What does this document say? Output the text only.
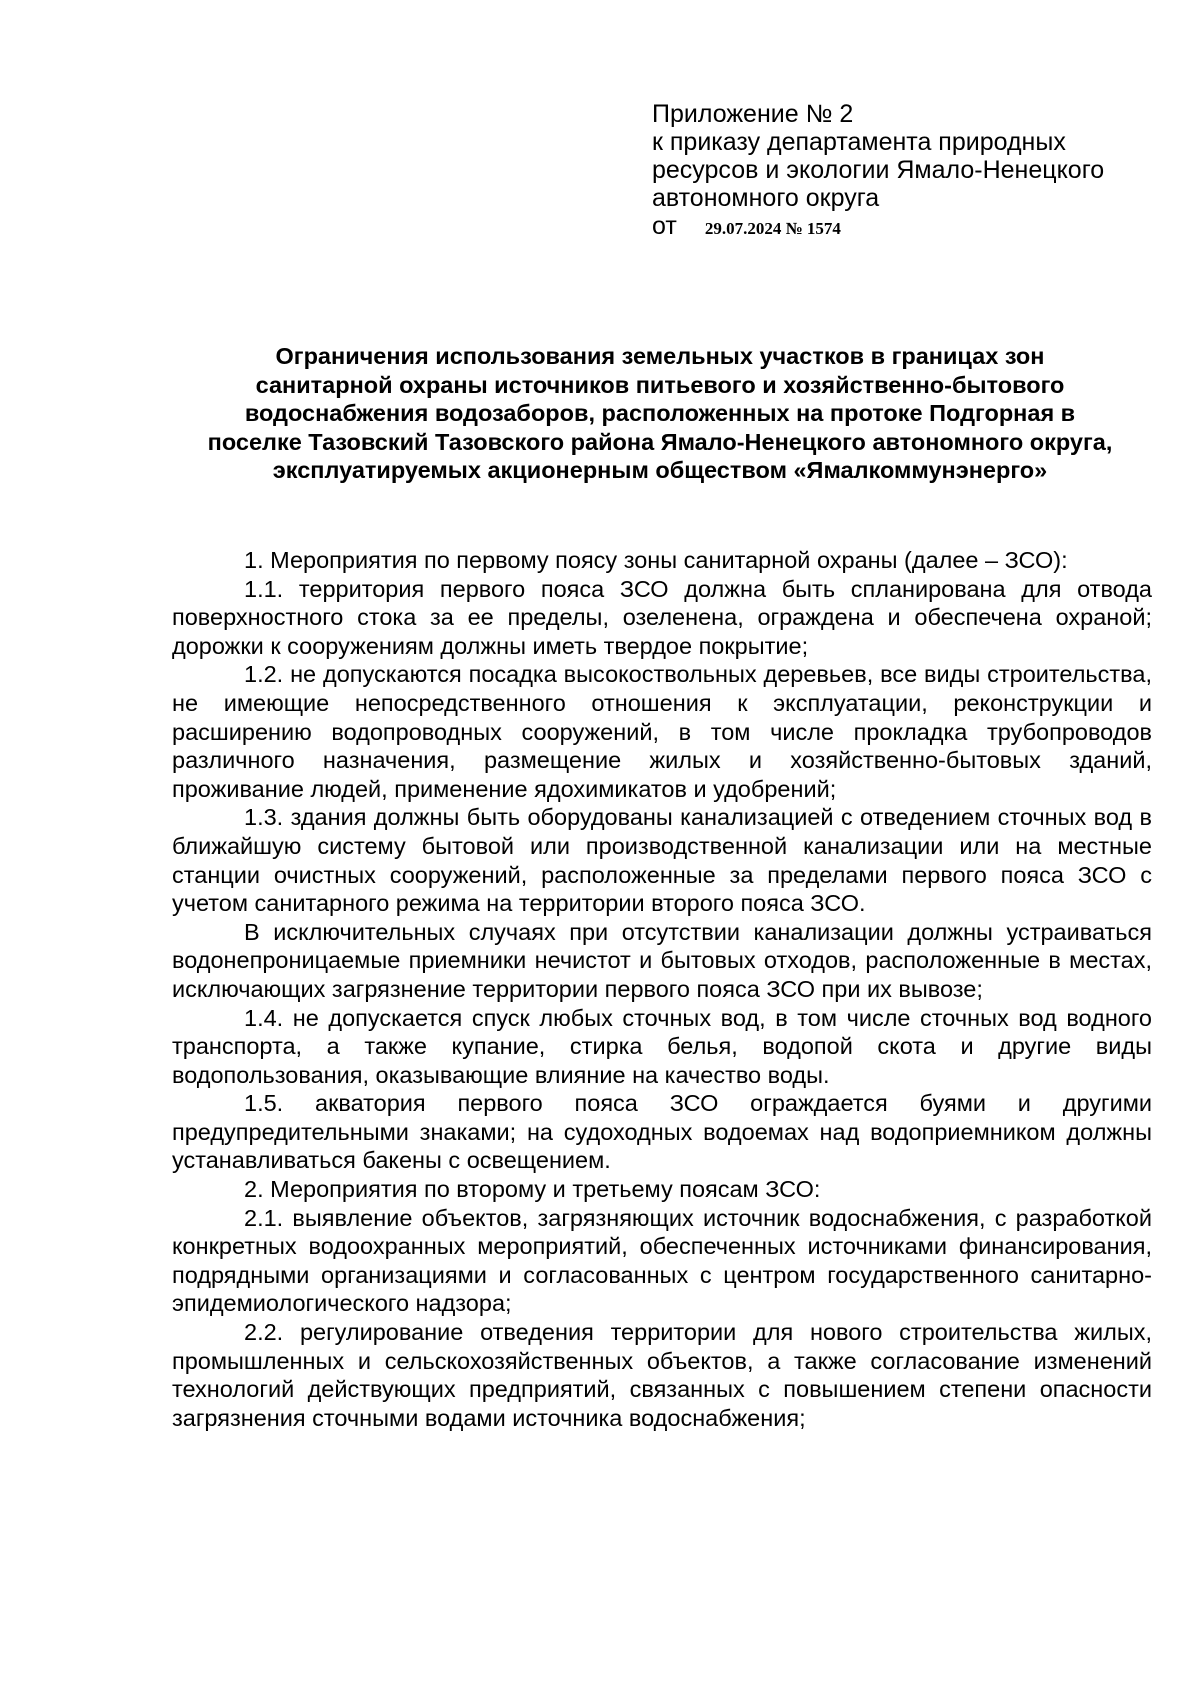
Приложение № 2
к приказу департамента природных
ресурсов и экологии Ямало-Ненецкого
автономного округа
от 29.07.2024 № 1574
Ограничения использования земельных участков в границах зон
санитарной охраны источников питьевого и хозяйственно-бытового
водоснабжения водозаборов, расположенных на протоке Подгорная в
поселке Тазовский Тазовского района Ямало-Ненецкого автономного округа,
эксплуатируемых акционерным обществом «Ямалкоммунэнерго»

1. Мероприятия по первому поясу зоны санитарной охраны (далее – ЗСО):

1.1. территория первого пояса ЗСО должна быть спланирована для отвода поверхностного стока за ее пределы, озеленена, ограждена и обеспечена охраной; дорожки к сооружениям должны иметь твердое покрытие;

1.2. не допускаются посадка высокоствольных деревьев, все виды строительства, не имеющие непосредственного отношения к эксплуатации, реконструкции и расширению водопроводных сооружений, в том числе прокладка трубопроводов различного назначения, размещение жилых и хозяйственно-бытовых зданий, проживание людей, применение ядохимикатов и удобрений;

1.3. здания должны быть оборудованы канализацией с отведением сточных вод в ближайшую систему бытовой или производственной канализации или на местные станции очистных сооружений, расположенные за пределами первого пояса ЗСО с учетом санитарного режима на территории второго пояса ЗСО.

В исключительных случаях при отсутствии канализации должны устраиваться водонепроницаемые приемники нечистот и бытовых отходов, расположенные в местах, исключающих загрязнение территории первого пояса ЗСО при их вывозе;

1.4. не допускается спуск любых сточных вод, в том числе сточных вод водного транспорта, а также купание, стирка белья, водопой скота и другие виды водопользования, оказывающие влияние на качество воды.

1.5. акватория первого пояса ЗСО ограждается буями и другими предупредительными знаками; на судоходных водоемах над водоприемником должны устанавливаться бакены с освещением.

2. Мероприятия по второму и третьему поясам ЗСО:

2.1. выявление объектов, загрязняющих источник водоснабжения, с разработкой конкретных водоохранных мероприятий, обеспеченных источниками финансирования, подрядными организациями и согласованных с центром государственного санитарно-эпидемиологического надзора;

2.2. регулирование отведения территории для нового строительства жилых, промышленных и сельскохозяйственных объектов, а также согласование изменений технологий действующих предприятий, связанных с повышением степени опасности загрязнения сточными водами источника водоснабжения;
